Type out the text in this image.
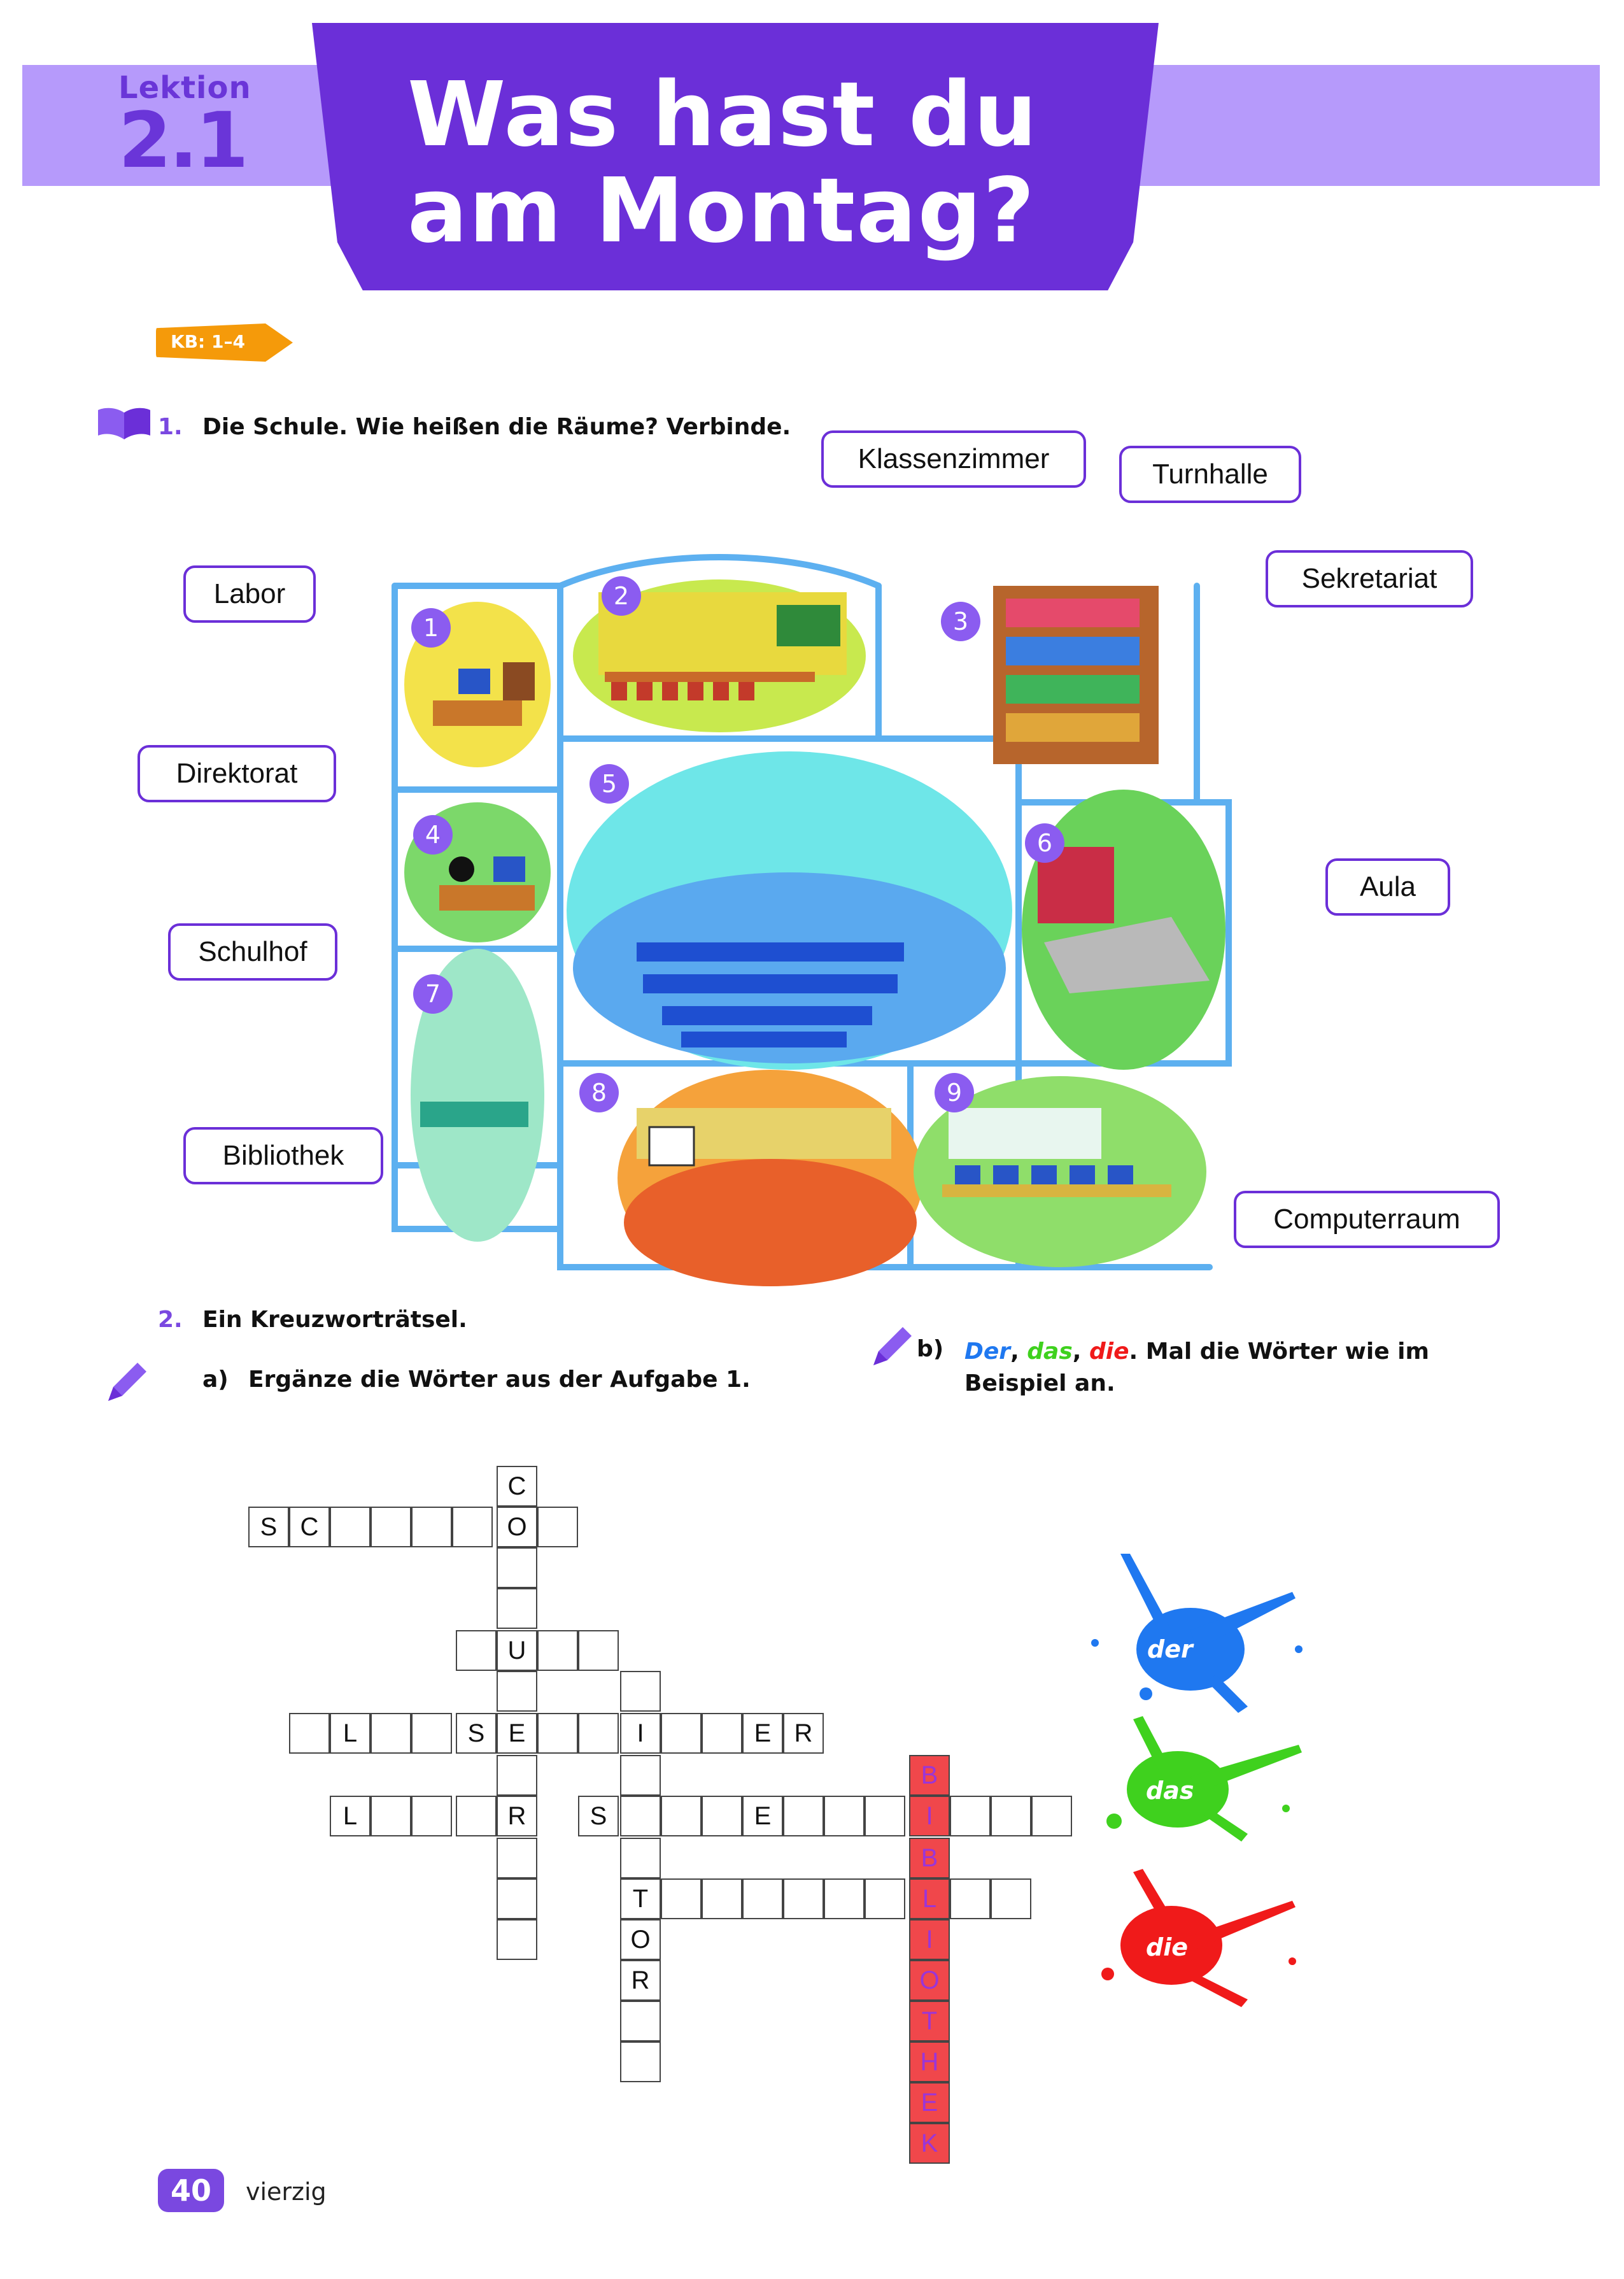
Lektion
2.1 Was hast du
am Montag?
KB: 1–4
1. Die Schule. Wie heißen die Räume? Verbinde.
Klassenzimmer	Turnhalle
Labor	Sekretariat
Direktorat
Aula
Schulhof
Bibliothek
Computerraum
1
2
3
4
5
6
7
8	9
2. Ein Kreuzworträtsel.
a) Ergänze die Wörter aus der Aufgabe 1.
b) Der, das, die. Mal die Wörter wie im Beispiel an.
C
S C	O
U
L	S E	I	E R
B
L	R	S	E	I
B
T	L
O	I
R	O
T
H
E
K
der
das
die
40	vierzig
